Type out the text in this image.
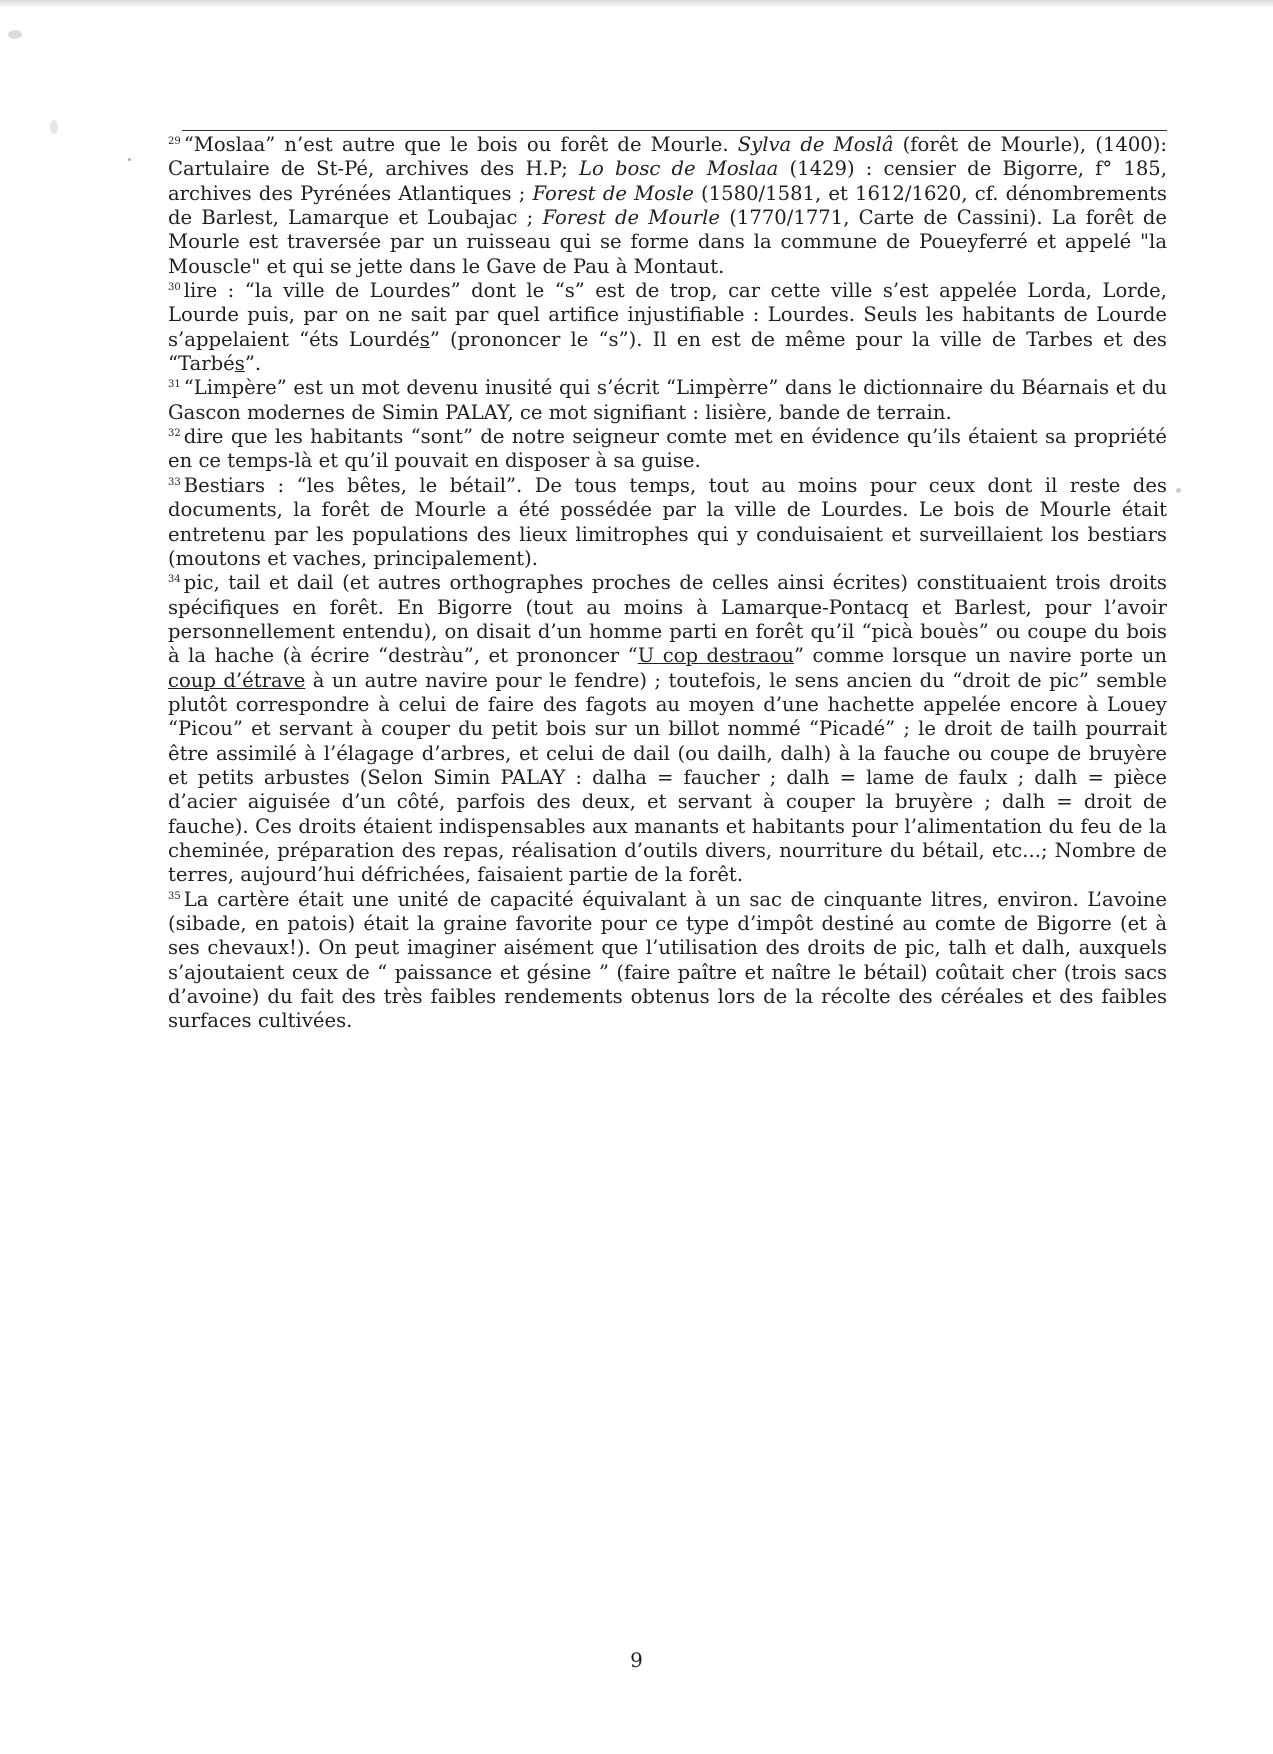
$^{29}$ “Moslaa” n’est autre que le bois ou forêt de Mourle. Sylva de Moslâ (forêt de Mourle), (1400): Cartulaire de St-Pé, archives des H.P; Lo bosc de Moslaa (1429) : censier de Bigorre, f° 185, archives des Pyrénées Atlantiques ; Forest de Mosle (1580/1581, et 1612/1620, cf. dénombrements de Barlest, Lamarque et Loubajac ; Forest de Mourle (1770/1771, Carte de Cassini). La forêt de Mourle est traversée par un ruisseau qui se forme dans la commune de Poueyferré et appelé "la Mouscle" et qui se jette dans le Gave de Pau à Montaut.

$^{30}$ lire : “la ville de Lourdes” dont le “s” est de trop, car cette ville s’est appelée Lorda, Lorde, Lourde puis, par on ne sait par quel artifice injustifiable : Lourdes. Seuls les habitants de Lourde s’appelaient “éts Lourdés” (prononcer le “s”). Il en est de même pour la ville de Tarbes et des “Tarbés”.

$^{31}$ “Limpère” est un mot devenu inusité qui s’écrit “Limpèrre” dans le dictionnaire du Béarnais et du Gascon modernes de Simin PALAY, ce mot signifiant : lisière, bande de terrain.

$^{32}$ dire que les habitants “sont” de notre seigneur comte met en évidence qu’ils étaient sa propriété en ce temps-là et qu’il pouvait en disposer à sa guise.

$^{33}$ Bestiars : “les bêtes, le bétail”. De tous temps, tout au moins pour ceux dont il reste des documents, la forêt de Mourle a été possédée par la ville de Lourdes. Le bois de Mourle était entretenu par les populations des lieux limitrophes qui y conduisaient et surveillaient los bestiars (moutons et vaches, principalement).

$^{34}$ pic, tail et dail (et autres orthographes proches de celles ainsi écrites) constituaient trois droits spécifiques en forêt. En Bigorre (tout au moins à Lamarque-Pontacq et Barlest, pour l’avoir personnellement entendu), on disait d’un homme parti en forêt qu’il “picà bouès” ou coupe du bois à la hache (à écrire “destràu”, et prononcer “U cop destraou” comme lorsque un navire porte un coup d’étrave à un autre navire pour le fendre) ; toutefois, le sens ancien du “droit de pic” semble plutôt correspondre à celui de faire des fagots au moyen d’une hachette appelée encore à Louey “Picou” et servant à couper du petit bois sur un billot nommé “Picadé” ; le droit de tailh pourrait être assimilé à l’élagage d’arbres, et celui de dail (ou dailh, dalh) à la fauche ou coupe de bruyère et petits arbustes (Selon Simin PALAY : dalha = faucher ; dalh = lame de faulx ; dalh = pièce d’acier aiguisée d’un côté, parfois des deux, et servant à couper la bruyère ; dalh = droit de fauche). Ces droits étaient indispensables aux manants et habitants pour l’alimentation du feu de la cheminée, préparation des repas, réalisation d’outils divers, nourriture du bétail, etc...; Nombre de terres, aujourd’hui défrichées, faisaient partie de la forêt.

$^{35}$ La cartère était une unité de capacité équivalant à un sac de cinquante litres, environ. L’avoine (sibade, en patois) était la graine favorite pour ce type d’impôt destiné au comte de Bigorre (et à ses chevaux!). On peut imaginer aisément que l’utilisation des droits de pic, talh et dalh, auxquels s’ajoutaient ceux de “ paissance et gésine ” (faire paître et naître le bétail) coûtait cher (trois sacs d’avoine) du fait des très faibles rendements obtenus lors de la récolte des céréales et des faibles surfaces cultivées.

9
